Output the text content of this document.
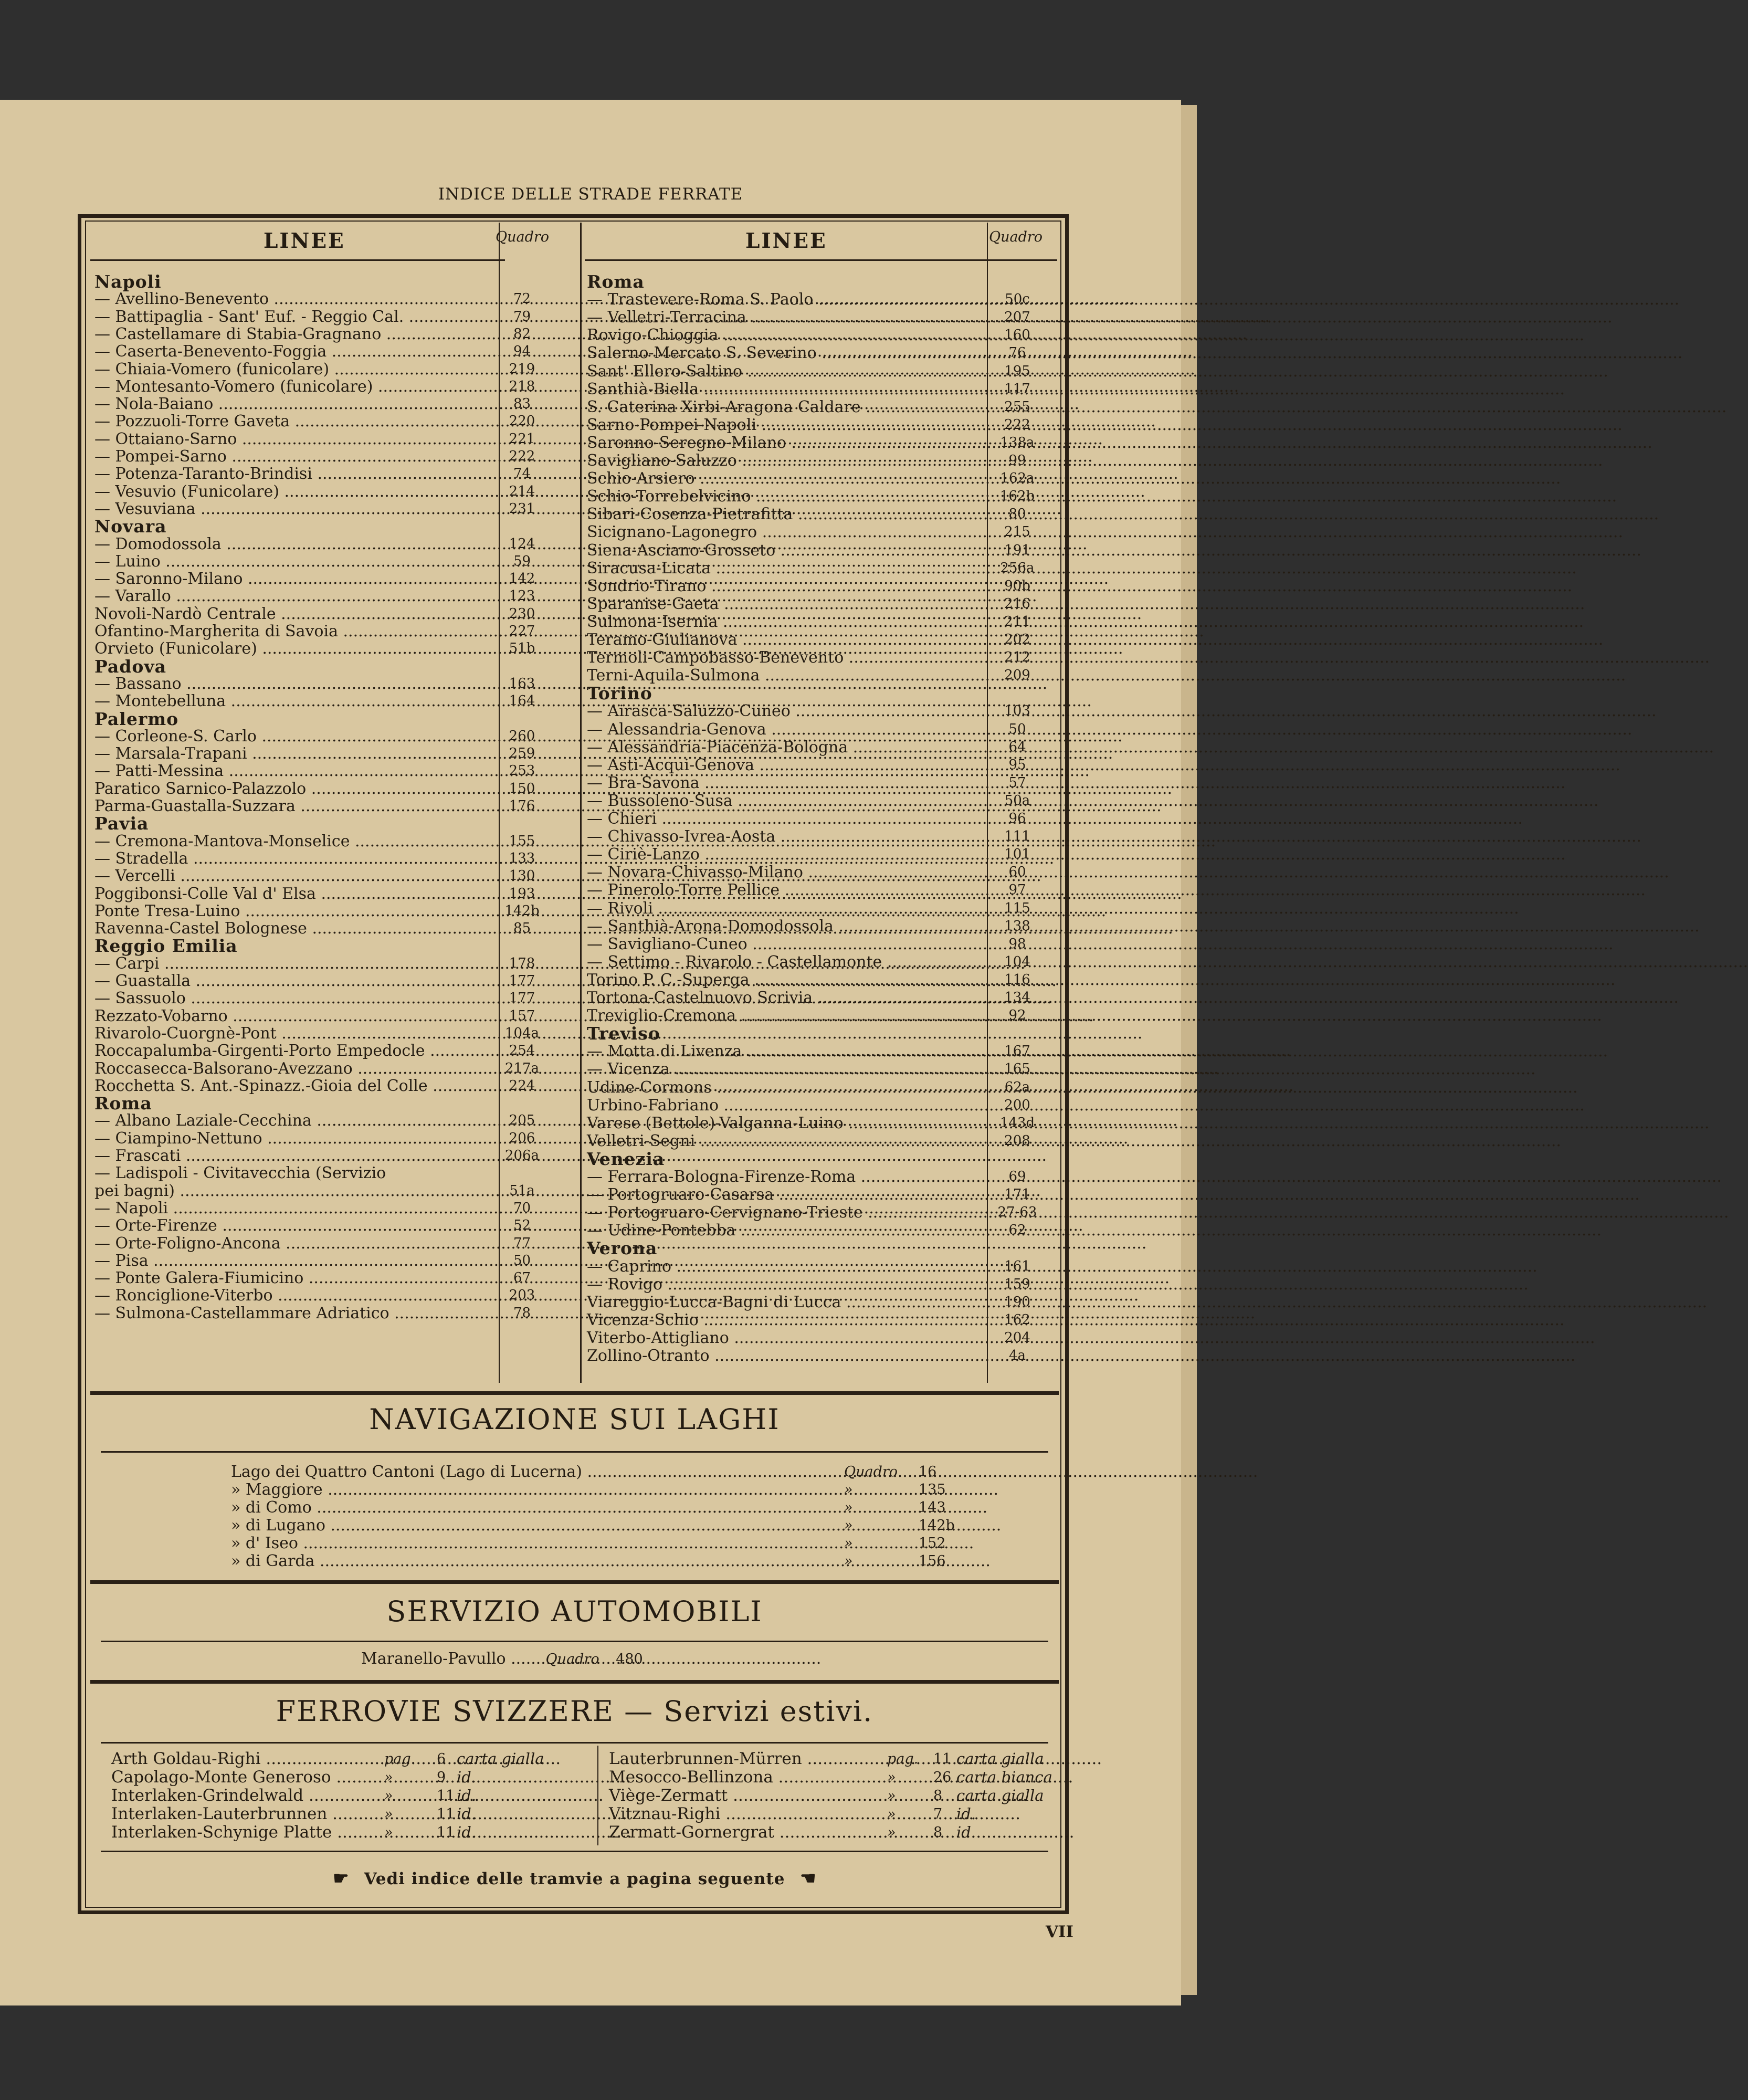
INDICE DELLE STRADE FERRATE
LINEE	Quadro	LINEE	Quadro
Napoli
— Avellino-Benevento .....	72
— Battipaglia - Sant' Euf. - Reggio Cal. .....	79
— Castellamare di Stabia-Gragnano .....	82
— Caserta-Benevento-Foggia .....	94
— Chiaia-Vomero (funicolare) .....	219
— Montesanto-Vomero (funicolare) .....	218
— Nola-Baiano .....	83
— Pozzuoli-Torre Gaveta .....	220
— Ottaiano-Sarno .....	221
— Pompei-Sarno .....	222
— Potenza-Taranto-Brindisi .....	74
— Vesuvio (Funicolare) .....	214
— Vesuviana .....	231
Novara
— Domodossola .....	124
— Luino .....	59
— Saronno-Milano .....	142
— Varallo .....	123
Novoli-Nardò Centrale .....	230
Ofantino-Margherita di Savoia .....	227
Orvieto (Funicolare) .....	51b
Padova
— Bassano .....	163
— Montebelluna .....	164
Palermo
— Corleone-S. Carlo .....	260
— Marsala-Trapani .....	259
— Patti-Messina .....	253
Paratico Sarnico-Palazzolo .....	150
Parma-Guastalla-Suzzara .....	176
Pavia
— Cremona-Mantova-Monselice .....	155
— Stradella .....	133
— Vercelli .....	130
Poggibonsi-Colle Val d' Elsa .....	193
Ponte Tresa-Luino .....	142b
Ravenna-Castel Bolognese .....	85
Reggio Emilia
— Carpi .....	178
— Guastalla .....	177
— Sassuolo .....	177
Rezzato-Vobarno .....	157
Rivarolo-Cuorgnè-Pont .....	104a
Roccapalumba-Girgenti-Porto Empedocle .....	254
Roccasecca-Balsorano-Avezzano .....	217a
Rocchetta S. Ant.-Spinazz.-Gioia del Colle .....	224
Roma
— Albano Laziale-Cecchina .....	205
— Ciampino-Nettuno .....	206
— Frascati .....	206a
— Ladispoli - Civitavecchia (Servizio
pei bagni) .....	51a
— Napoli .....	70
— Orte-Firenze .....	52
— Orte-Foligno-Ancona .....	77
— Pisa .....	50
— Ponte Galera-Fiumicino .....	67
— Ronciglione-Viterbo .....	203
— Sulmona-Castellammare Adriatico .....	78
Roma
— Trastevere-Roma S. Paolo .....	50c
— Velletri-Terracina .....	207
Rovigo-Chioggia .....	160
Salerno-Mercato S. Severino .....	76
Sant' Ellero-Saltino .....	195
Santhià-Biella .....	117
S. Caterina Xirbi-Aragona Caldare .....	255
Sarno-Pompei-Napoli .....	222
Saronno-Seregno-Milano .....	138a
Savigliano-Saluzzo .....	99
Schio-Arsiero .....	162a
Schio-Torrebelvicino .....	162b
Sibari-Cosenza-Pietrafitta .....	80
Sicignano-Lagonegro .....	215
Siena-Asciano-Grosseto .....	191
Siracusa-Licata .....	256a
Sondrio-Tirano .....	90b
Sparanise-Gaeta .....	216
Sulmona-Isernia .....	211
Teramo-Giulianova .....	202
Termoli-Campobasso-Benevento .....	212
Terni-Aquila-Sulmona .....	209
Torino
— Airasca-Saluzzo-Cuneo .....	103
— Alessandria-Genova .....	50
— Alessandria-Piacenza-Bologna .....	64
— Asti-Acqui-Genova .....	95
— Bra-Savona .....	57
— Bussoleno-Susa .....	50a
— Chieri .....	96
— Chivasso-Ivrea-Aosta .....	111
— Ciriè-Lanzo .....	101
— Novara-Chivasso-Milano .....	60
— Pinerolo-Torre Pellice .....	97
— Rivoli .....	115
— Santhià-Arona-Domodossola .....	138
— Savigliano-Cuneo .....	98
— Settimo - Rivarolo - Castellamonte .....	104
Torino P. C.-Superga .....	116
Tortona-Castelnuovo Scrivia .....	134
Treviglio-Cremona .....	92
Treviso
— Motta di Livenza .....	167
— Vicenza .....	165
Udine-Cormons .....	62a
Urbino-Fabriano .....	200
Varese (Bettole)-Valganna-Luino .....	143d
Velletri-Segni .....	208
Venezia
— Ferrara-Bologna-Firenze-Roma .....	69
— Portogruaro-Casarsa .....	171
— Portogruaro-Cervignano-Trieste .....	27-63
— Udine-Pontebba .....	62
Verona
— Caprino .....	161
— Rovigo .....	159
Viareggio-Lucca-Bagni di Lucca .....	190
Vicenza-Schio .....	162
Viterbo-Attigliano .....	204
Zollino-Otranto .....	4a
NAVIGAZIONE SUI LAGHI
Lago dei Quattro Cantoni (Lago di Lucerna) .....	Quadro 16
» Maggiore .....	»	135
» di Como .....	»	143
» di Lugano .....	»	142b
» d' Iseo .....	»	152
» di Garda .....	»	156
SERVIZIO AUTOMOBILI
Maranello-Pavullo .....	Quadro 480
FERROVIE SVIZZERE — Servizi estivi.
Arth Goldau-Righi .....	pag. 6 carta gialla
Capolago-Monte Generoso .....	»	9 id.
Interlaken-Grindelwald .....	»	11 id.
Interlaken-Lauterbrunnen .....	»	11 id.
Interlaken-Schynige Platte .....	»	11 id.
Lauterbrunnen-Mürren .....	pag. 11 carta gialla
Mesocco-Bellinzona .....	»	26 carta bianca
Viège-Zermatt .....	»	8 carta gialla
Vitznau-Righi .....	»	7 id.
Zermatt-Gornergrat .....	»	8 id.
☛ Vedi indice delle tramvie a pagina seguente ☛
VII
